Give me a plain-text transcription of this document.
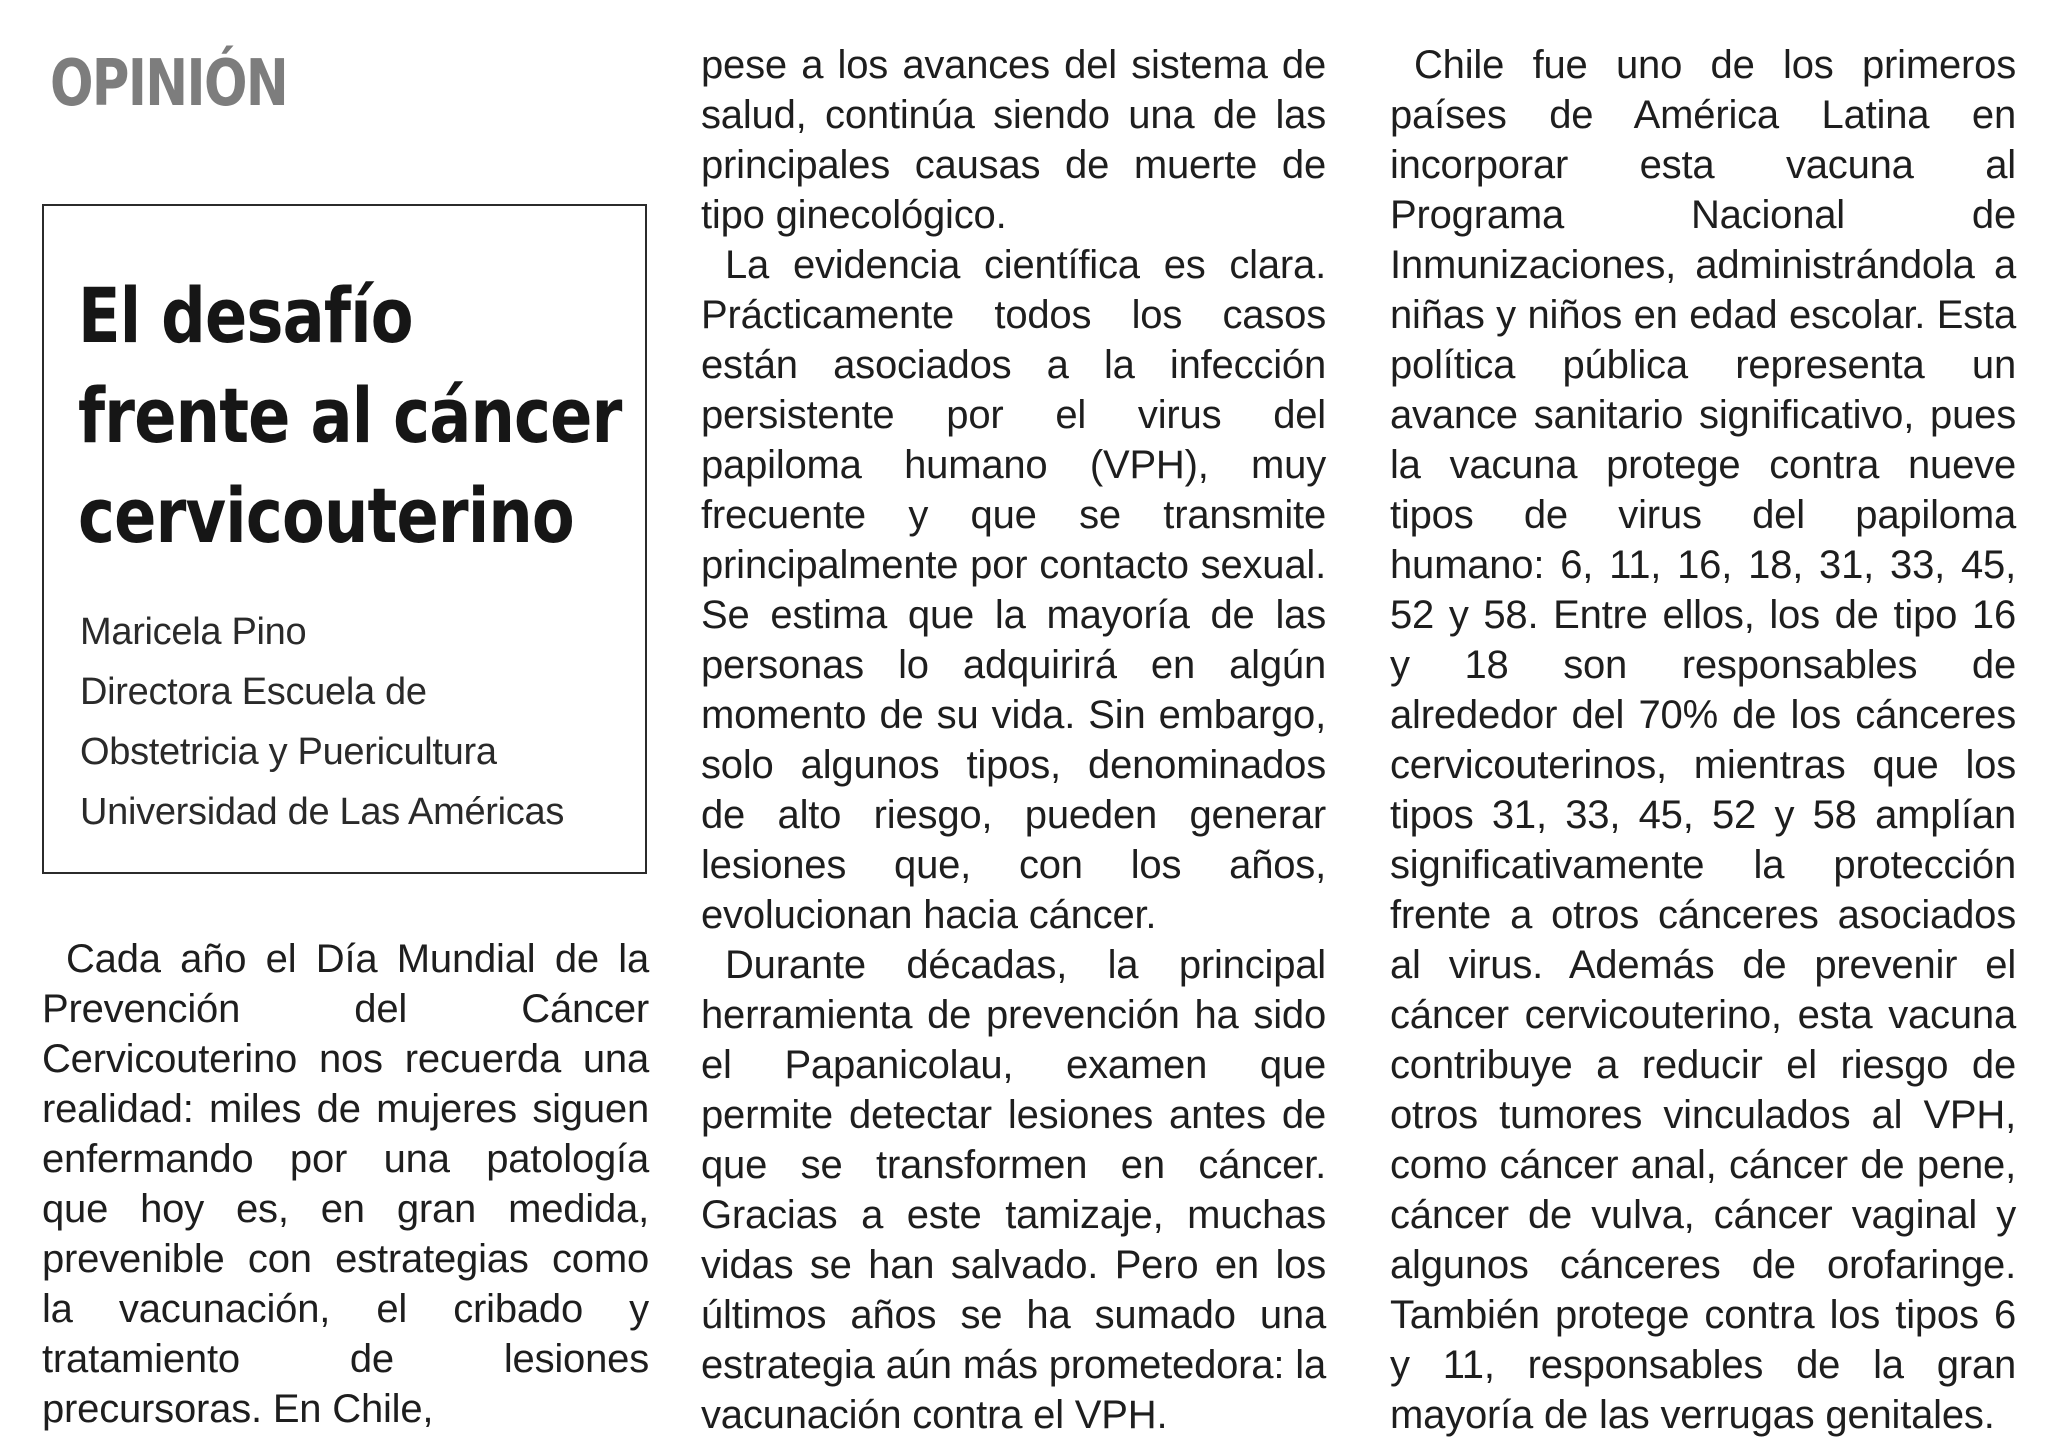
OPINIÓN
El desafío frente al cáncer cervicouterino
Maricela Pino
Directora Escuela de
Obstetricia y Puericultura
Universidad de Las Américas

Cada año el Día Mundial de la Prevención del Cáncer Cervicouterino nos recuerda una realidad: miles de mujeres siguen enfermando por una patología que hoy es, en gran medida, prevenible con estrategias como la vacunación, el cribado y tratamiento de lesiones precursoras. En Chile,

pese a los avances del sistema de salud, continúa siendo una de las principales causas de muerte de tipo ginecológico.

La evidencia científica es clara. Prácticamente todos los casos están asociados a la infección persistente por el virus del papiloma humano (VPH), muy frecuente y que se transmite principalmente por contacto sexual. Se estima que la mayoría de las personas lo adquirirá en algún momento de su vida. Sin embargo, solo algunos tipos, denominados de alto riesgo, pueden generar lesiones que, con los años, evolucionan hacia cáncer.

Durante décadas, la principal herramienta de prevención ha sido el Papanicolau, examen que permite detectar lesiones antes de que se transformen en cáncer. Gracias a este tamizaje, muchas vidas se han salvado. Pero en los últimos años se ha sumado una estrategia aún más prometedora: la vacunación contra el VPH.

Chile fue uno de los primeros países de América Latina en incorporar esta vacuna al Programa Nacional de Inmunizaciones, administrándola a niñas y niños en edad escolar. Esta política pública representa un avance sanitario significativo, pues la vacuna protege contra nueve tipos de virus del papiloma humano: 6, 11, 16, 18, 31, 33, 45, 52 y 58. Entre ellos, los de tipo 16 y 18 son responsables de alrededor del 70% de los cánceres cervicouterinos, mientras que los tipos 31, 33, 45, 52 y 58 amplían significativamente la protección frente a otros cánceres asociados al virus. Además de prevenir el cáncer cervicouterino, esta vacuna contribuye a reducir el riesgo de otros tumores vinculados al VPH, como cáncer anal, cáncer de pene, cáncer de vulva, cáncer vaginal y algunos cánceres de orofaringe. También protege contra los tipos 6 y 11, responsables de la gran mayoría de las verrugas genitales.
